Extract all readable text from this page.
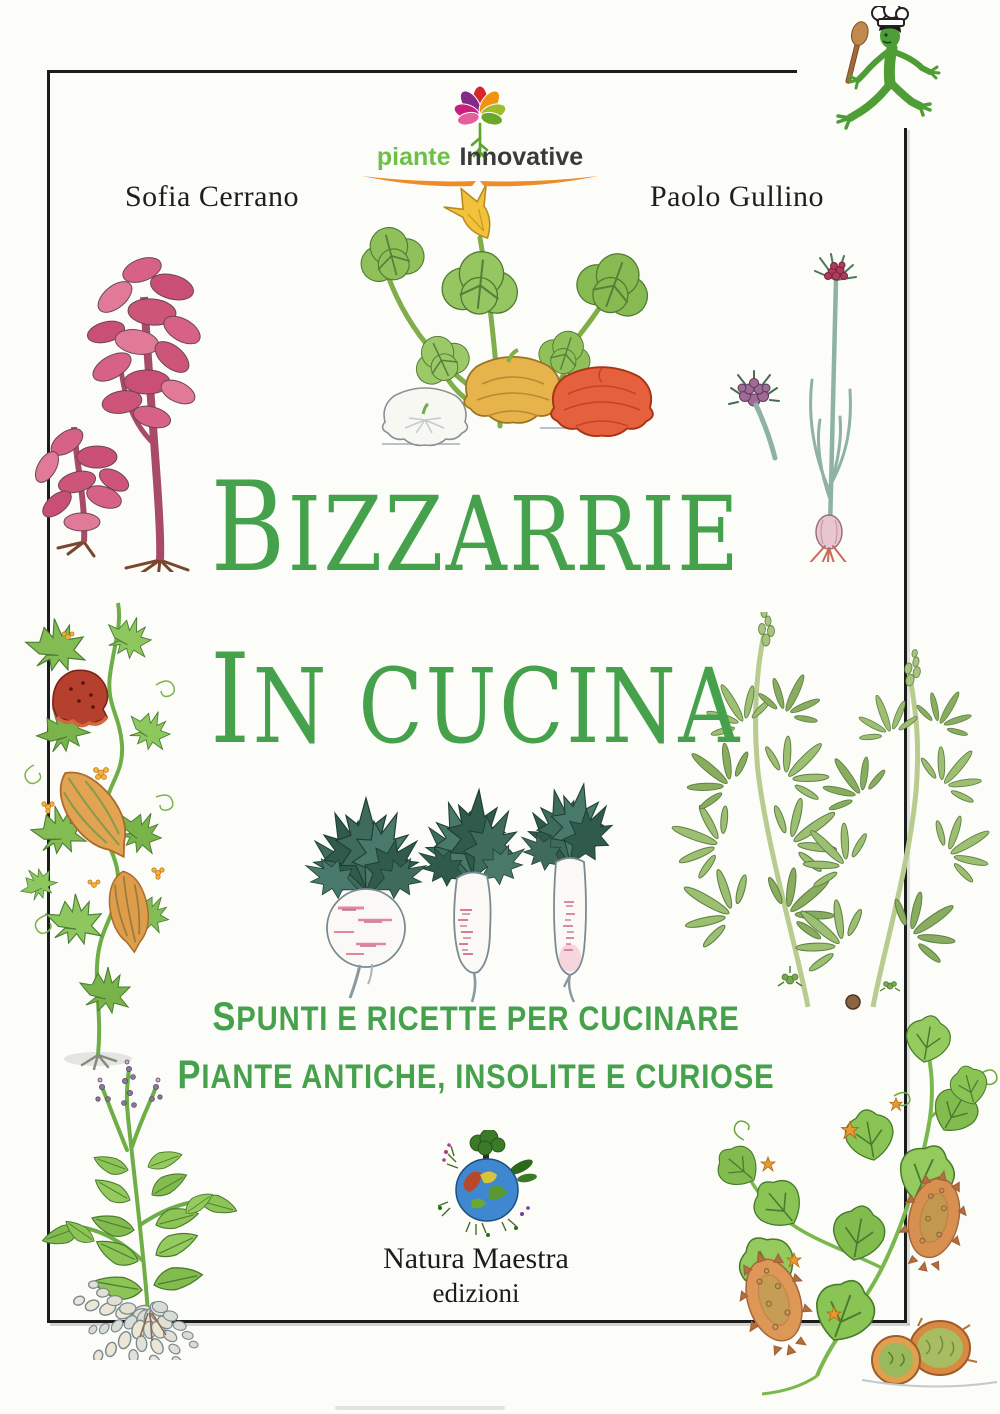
piante Innovative
Sofia Cerrano	Paolo Gullino
BIZZARRIE
IN CUCINA
SPUNTI E RICETTE PER CUCINARE
PIANTE ANTICHE, INSOLITE E CURIOSE
Natura Maestra
edizioni
